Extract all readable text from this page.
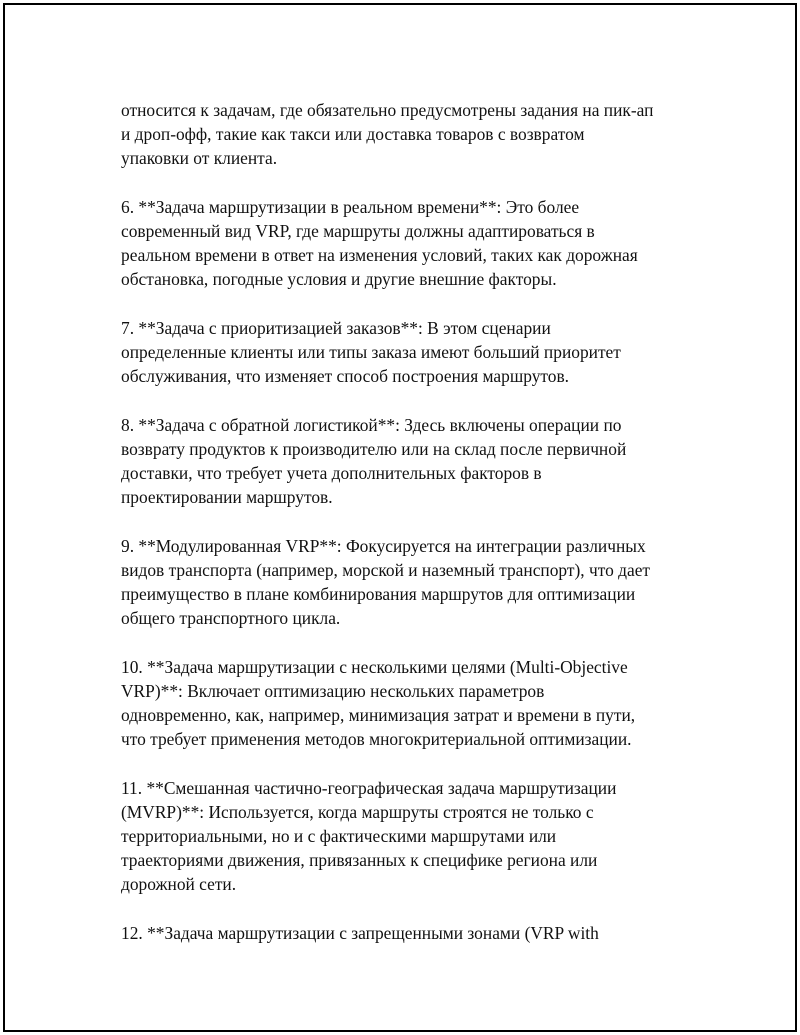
относится к задачам, где обязательно предусмотрены задания на пик-ап
и дроп-офф, такие как такси или доставка товаров с возвратом
упаковки от клиента.

6. **Задача маршрутизации в реальном времени**: Это более
современный вид VRP, где маршруты должны адаптироваться в
реальном времени в ответ на изменения условий, таких как дорожная
обстановка, погодные условия и другие внешние факторы.

7. **Задача с приоритизацией заказов**: В этом сценарии
определенные клиенты или типы заказа имеют больший приоритет
обслуживания, что изменяет способ построения маршрутов.

8. **Задача с обратной логистикой**: Здесь включены операции по
возврату продуктов к производителю или на склад после первичной
доставки, что требует учета дополнительных факторов в
проектировании маршрутов.

9. **Модулированная VRP**: Фокусируется на интеграции различных
видов транспорта (например, морской и наземный транспорт), что дает
преимущество в плане комбинирования маршрутов для оптимизации
общего транспортного цикла.

10. **Задача маршрутизации с несколькими целями (Multi-Objective
VRP)**: Включает оптимизацию нескольких параметров
одновременно, как, например, минимизация затрат и времени в пути,
что требует применения методов многокритериальной оптимизации.

11. **Смешанная частично-географическая задача маршрутизации
(MVRP)**: Используется, когда маршруты строятся не только с
территориальными, но и с фактическими маршрутами или
траекториями движения, привязанных к специфике региона или
дорожной сети.

12. **Задача маршрутизации с запрещенными зонами (VRP with
